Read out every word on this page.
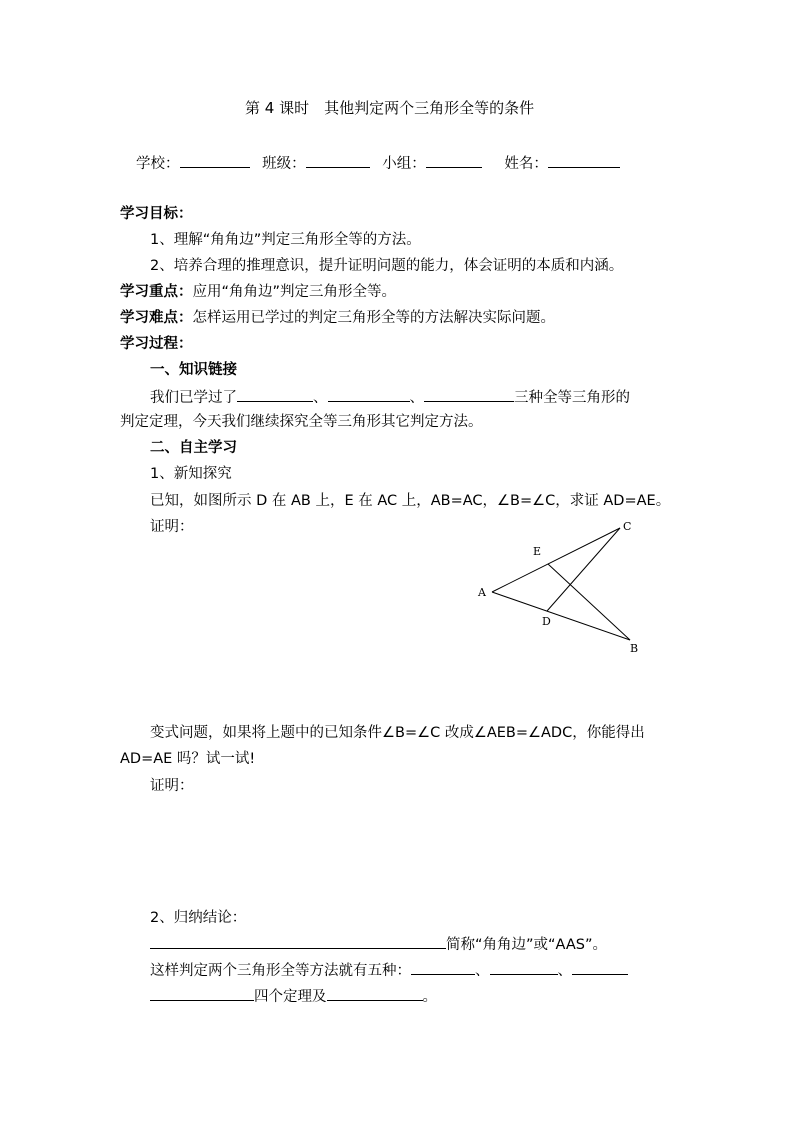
第 4 课时　其他判定两个三角形全等的条件
学校：	班级：	小组：	姓名：
学习目标：
1、理解“角角边”判定三角形全等的方法。
2、培养合理的推理意识，提升证明问题的能力，体会证明的本质和内涵。
学习重点：应用“角角边”判定三角形全等。
学习难点：怎样运用已学过的判定三角形全等的方法解决实际问题。
学习过程：
一、知识链接
我们已学过了	、	、	三种全等三角形的
判定定理，今天我们继续探究全等三角形其它判定方法。
二、自主学习
1、新知探究
已知，如图所示 D 在 AB 上，E 在 AC 上，AB=AC，∠B=∠C，求证 AD=AE。
证明：
A
B
C
D
E
变式问题，如果将上题中的已知条件∠B=∠C 改成∠AEB=∠ADC，你能得出
AD=AE 吗？试一试!
证明：
2、归纳结论：
简称“角角边”或“AAS”。
这样判定两个三角形全等方法就有五种：	、	、
四个定理及	。
